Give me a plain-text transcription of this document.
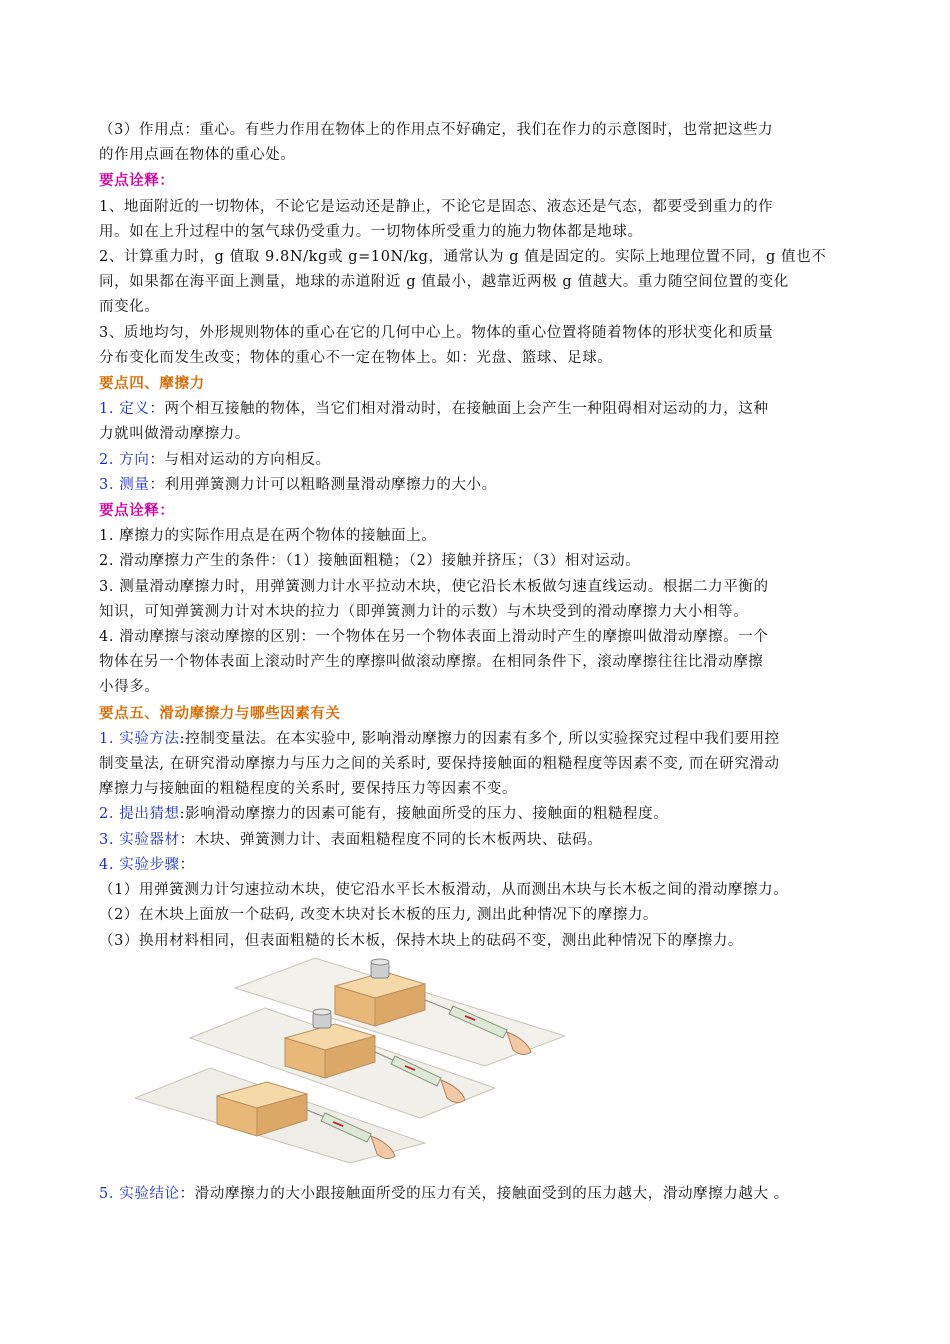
（3）作用点：重心。有些力作用在物体上的作用点不好确定，我们在作力的示意图时，也常把这些力

的作用点画在物体的重心处。

要点诠释：

1、地面附近的一切物体，不论它是运动还是静止，不论它是固态、液态还是气态，都要受到重力的作

用。如在上升过程中的氢气球仍受重力。一切物体所受重力的施力物体都是地球。

2、计算重力时，g 值取 9.8N/kg或 g=10N/kg，通常认为 g 值是固定的。实际上地理位置不同，g 值也不

同，如果都在海平面上测量，地球的赤道附近 g 值最小，越靠近两极 g 值越大。重力随空间位置的变化

而变化。

3、质地均匀，外形规则物体的重心在它的几何中心上。物体的重心位置将随着物体的形状变化和质量

分布变化而发生改变；物体的重心不一定在物体上。如：光盘、篮球、足球。

要点四、摩擦力

1. 定义：两个相互接触的物体，当它们相对滑动时，在接触面上会产生一种阻碍相对运动的力，这种

力就叫做滑动摩擦力。

2. 方向：与相对运动的方向相反。

3. 测量：利用弹簧测力计可以粗略测量滑动摩擦力的大小。

要点诠释：

1. 摩擦力的实际作用点是在两个物体的接触面上。

2. 滑动摩擦力产生的条件：（1）接触面粗糙；（2）接触并挤压；（3）相对运动。

3. 测量滑动摩擦力时，用弹簧测力计水平拉动木块，使它沿长木板做匀速直线运动。根据二力平衡的

知识，可知弹簧测力计对木块的拉力（即弹簧测力计的示数）与木块受到的滑动摩擦力大小相等。

4. 滑动摩擦与滚动摩擦的区别：一个物体在另一个物体表面上滑动时产生的摩擦叫做滑动摩擦。一个

物体在另一个物体表面上滚动时产生的摩擦叫做滚动摩擦。在相同条件下，滚动摩擦往往比滑动摩擦

小得多。

要点五、滑动摩擦力与哪些因素有关

1. 实验方法:控制变量法。在本实验中, 影响滑动摩擦力的因素有多个, 所以实验探究过程中我们要用控

制变量法, 在研究滑动摩擦力与压力之间的关系时, 要保持接触面的粗糙程度等因素不变, 而在研究滑动

摩擦力与接触面的粗糙程度的关系时, 要保持压力等因素不变。

2. 提出猜想:影响滑动摩擦力的因素可能有，接触面所受的压力、接触面的粗糙程度。

3. 实验器材：木块、弹簧测力计、表面粗糙程度不同的长木板两块、砝码。

4. 实验步骤：

（1）用弹簧测力计匀速拉动木块，使它沿水平长木板滑动，从而测出木块与长木板之间的滑动摩擦力。

（2）在木块上面放一个砝码, 改变木块对长木板的压力, 测出此种情况下的摩擦力。

（3）换用材料相同，但表面粗糙的长木板，保持木块上的砝码不变，测出此种情况下的摩擦力。

5. 实验结论：滑动摩擦力的大小跟接触面所受的压力有关，接触面受到的压力越大，滑动摩擦力越大 。
